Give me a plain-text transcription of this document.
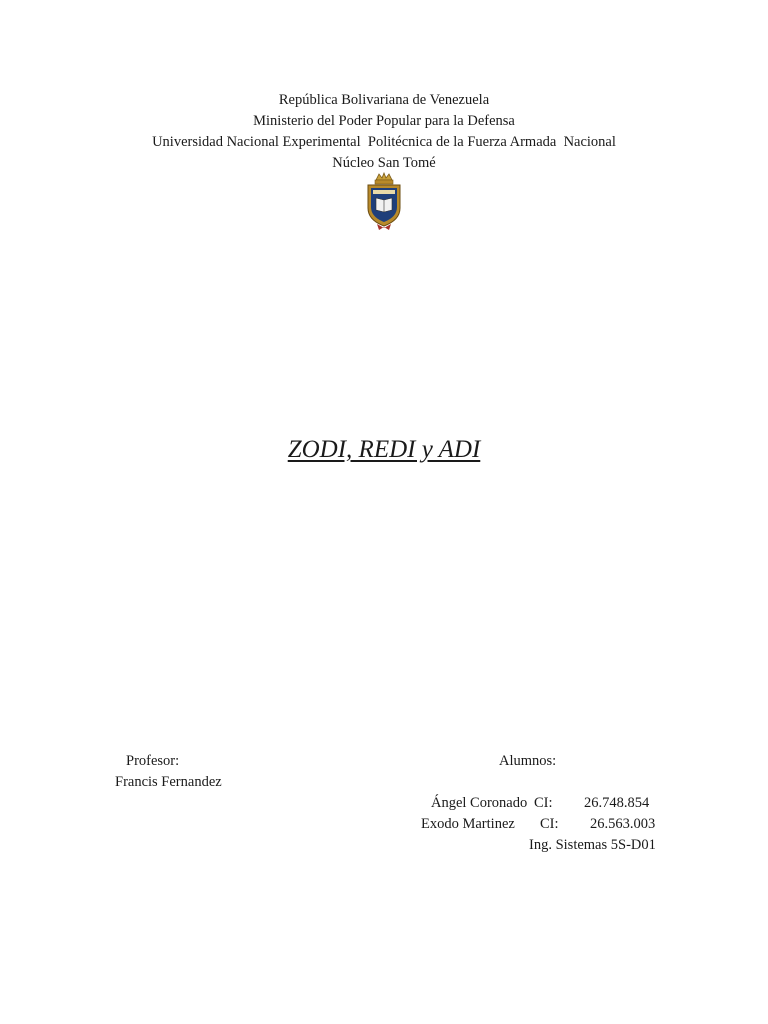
República Bolivariana de Venezuela
Ministerio del Poder Popular para la Defensa
Universidad Nacional Experimental  Politécnica de la Fuerza Armada  Nacional
Núcleo San Tomé
ZODI, REDI y ADI
Profesor:
Francis Fernandez
Alumnos:

Ángel Coronado

CI:

26.748.854

Exodo Martinez

CI:

26.563.003

Ing. Sistemas 5S-D01
